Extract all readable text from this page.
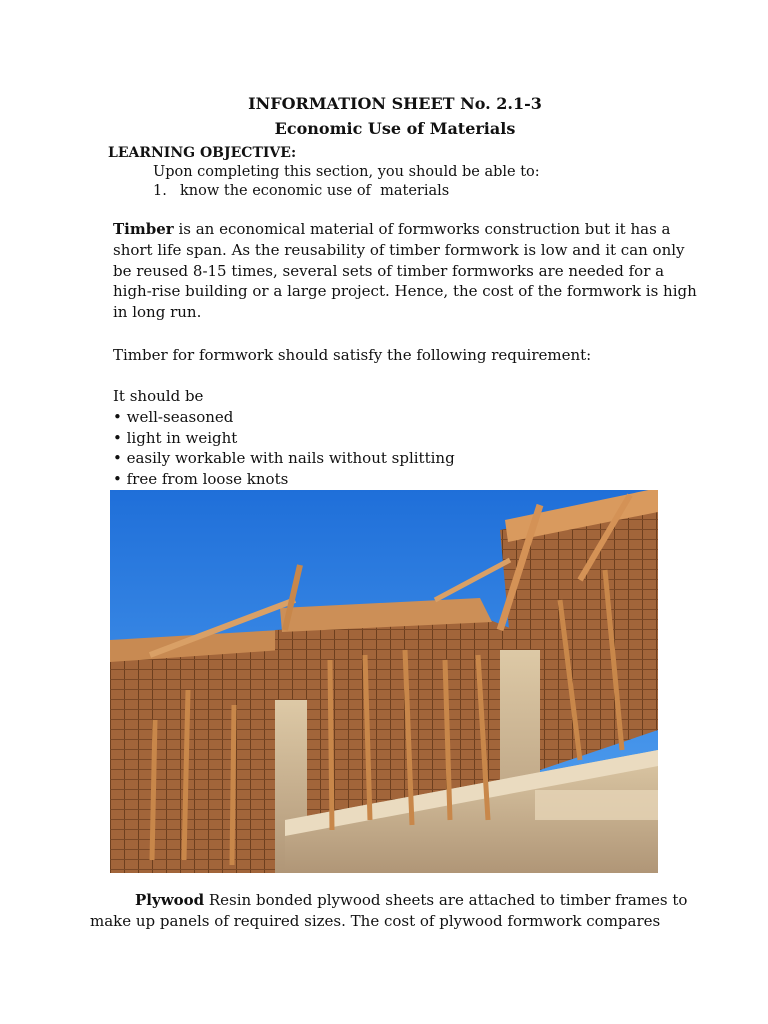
INFORMATION SHEET No. 2.1-3
Economic Use of Materials
LEARNING OBJECTIVE:
Upon completing this section, you should be able to:
1. know the economic use of  materials
Timber is an economical material of formworks construction but it has a
short life span. As the reusability of timber formwork is low and it can only
be reused 8-15 times, several sets of timber formworks are needed for a
high-rise building or a large project. Hence, the cost of the formwork is high
in long run.
Timber for formwork should satisfy the following requirement:
It should be
• well-seasoned
• light in weight
• easily workable with nails without splitting
• free from loose knots
Plywood Resin bonded plywood sheets are attached to timber frames to
make up panels of required sizes. The cost of plywood formwork compares
